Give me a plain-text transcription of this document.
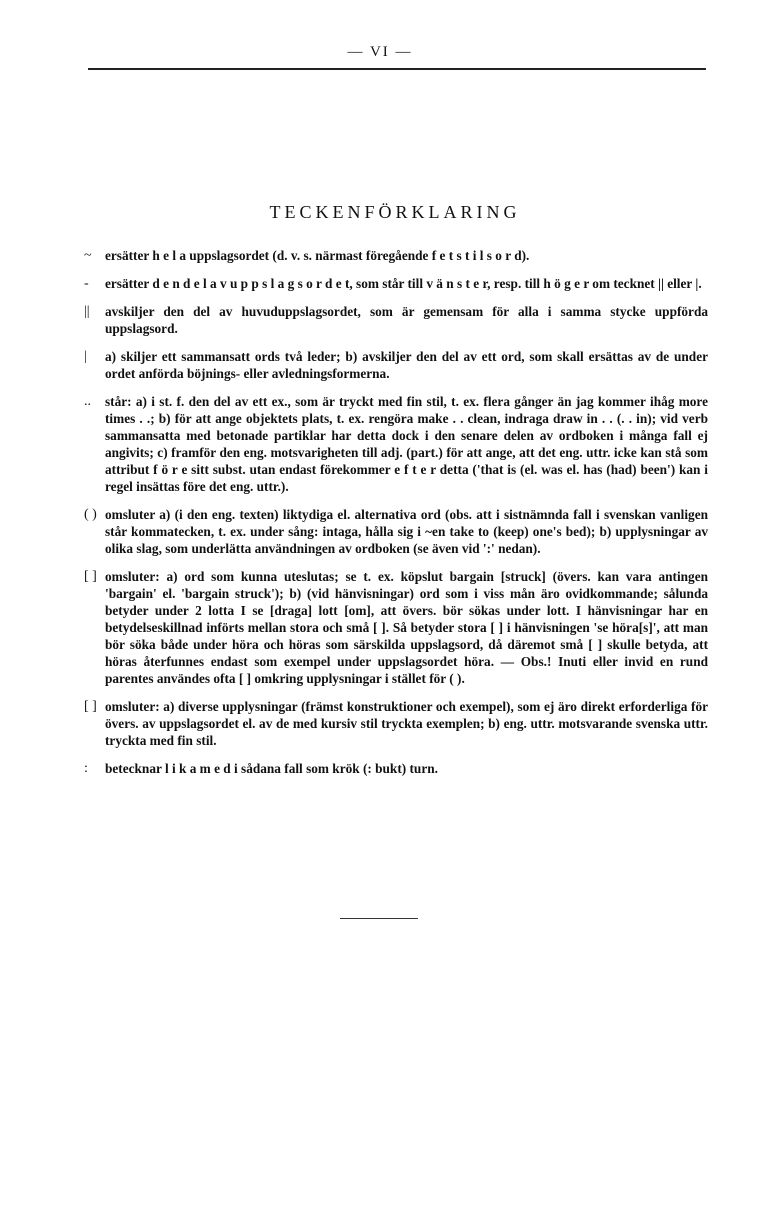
— VI —
TECKENFÖRKLARING
~	ersätter h e l a uppslagsordet (d. v. s. närmast föregående f e t s t i l s o r d).
-	ersätter d e n d e l a v u p p s l a g s o r d e t, som står till v ä n s t e r, resp. till h ö g e r om tecknet || eller |.
||	avskiljer den del av huvuduppslagsordet, som är gemensam för alla i samma stycke uppförda uppslagsord.
|	a) skiljer ett sammansatt ords två leder; b) avskiljer den del av ett ord, som skall ersättas av de under ordet anförda böjnings- eller avledningsformerna.
..	står: a) i st. f. den del av ett ex., som är tryckt med fin stil, t. ex. flera gånger än jag kommer ihåg more times . .; b) för att ange objektets plats, t. ex. rengöra make . . clean, indraga draw in . . (. . in); vid verb sammansatta med betonade partiklar har detta dock i den senare delen av ordboken i många fall ej angivits; c) framför den eng. motsvarigheten till adj. (part.) för att ange, att det eng. uttr. icke kan stå som attribut f ö r e sitt subst. utan endast förekommer e f t e r detta ('that is (el. was el. has (had) been') kan i regel insättas före det eng. uttr.).
( ) omsluter a) (i den eng. texten) liktydiga el. alternativa ord (obs. att i sistnämnda fall i svenskan vanligen står kommatecken, t. ex. under sång: intaga, hålla sig i ~en take to (keep) one's bed); b) upplysningar av olika slag, som underlätta användningen av ordboken (se även vid ':' nedan).
[ ] omsluter: a) ord som kunna uteslutas; se t. ex. köpslut bargain [struck] (övers. kan vara antingen 'bargain' el. 'bargain struck'); b) (vid hänvisningar) ord som i viss mån äro ovidkommande; sålunda betyder under 2 lotta I se [draga] lott [om], att övers. bör sökas under lott. I hänvisningar har en betydelseskillnad införts mellan stora och små [ ]. Så betyder stora [ ] i hänvisningen 'se höra[s]', att man bör söka både under höra och höras som särskilda uppslagsord, då däremot små [ ] skulle betyda, att höras återfunnes endast som exempel under uppslagsordet höra. — Obs.! Inuti eller invid en rund parentes användes ofta [ ] omkring upplysningar i stället för ( ).
[ ] omsluter: a) diverse upplysningar (främst konstruktioner och exempel), som ej äro direkt erforderliga för övers. av uppslagsordet el. av de med kursiv stil tryckta exemplen; b) eng. uttr. motsvarande svenska uttr. tryckta med fin stil.
:	betecknar l i k a m e d i sådana fall som krök (: bukt) turn.
